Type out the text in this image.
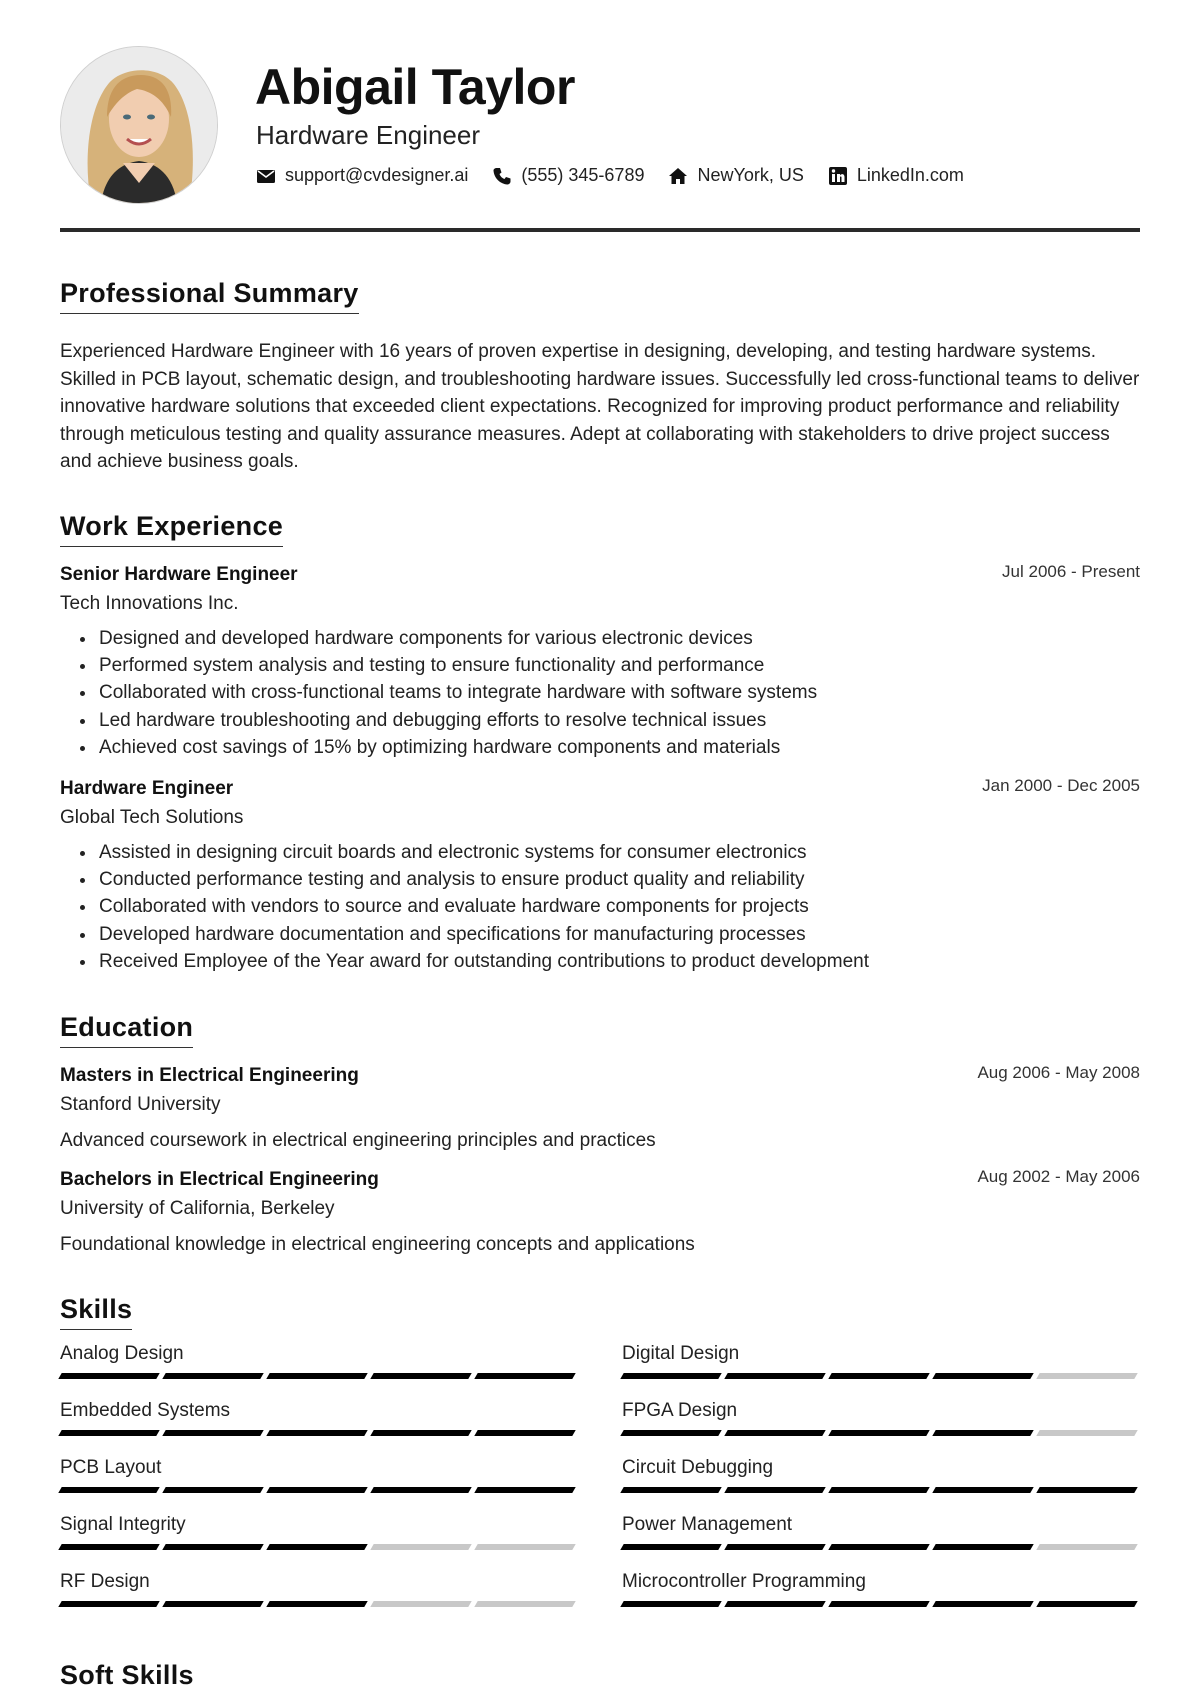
Abigail Taylor
Hardware Engineer
support@cvdesigner.ai	(555) 345-6789	NewYork, US	LinkedIn.com
Professional Summary

Experienced Hardware Engineer with 16 years of proven expertise in designing, developing, and testing hardware systems. Skilled in PCB layout, schematic design, and troubleshooting hardware issues. Successfully led cross-functional teams to deliver innovative hardware solutions that exceeded client expectations. Recognized for improving product performance and reliability through meticulous testing and quality assurance measures. Adept at collaborating with stakeholders to drive project success and achieve business goals.

Work Experience
Senior Hardware Engineer	Jul 2006 - Present
Tech Innovations Inc.
• Designed and developed hardware components for various electronic devices
• Performed system analysis and testing to ensure functionality and performance
• Collaborated with cross-functional teams to integrate hardware with software systems
• Led hardware troubleshooting and debugging efforts to resolve technical issues
• Achieved cost savings of 15% by optimizing hardware components and materials
Hardware Engineer	Jan 2000 - Dec 2005
Global Tech Solutions
• Assisted in designing circuit boards and electronic systems for consumer electronics
• Conducted performance testing and analysis to ensure product quality and reliability
• Collaborated with vendors to source and evaluate hardware components for projects
• Developed hardware documentation and specifications for manufacturing processes
• Received Employee of the Year award for outstanding contributions to product development
Education
Masters in Electrical Engineering	Aug 2006 - May 2008
Stanford University
Advanced coursework in electrical engineering principles and practices
Bachelors in Electrical Engineering	Aug 2002 - May 2006
University of California, Berkeley
Foundational knowledge in electrical engineering concepts and applications
Skills
Analog Design	Digital Design
Embedded Systems	FPGA Design
PCB Layout	Circuit Debugging
Signal Integrity	Power Management
RF Design	Microcontroller Programming
Soft Skills
